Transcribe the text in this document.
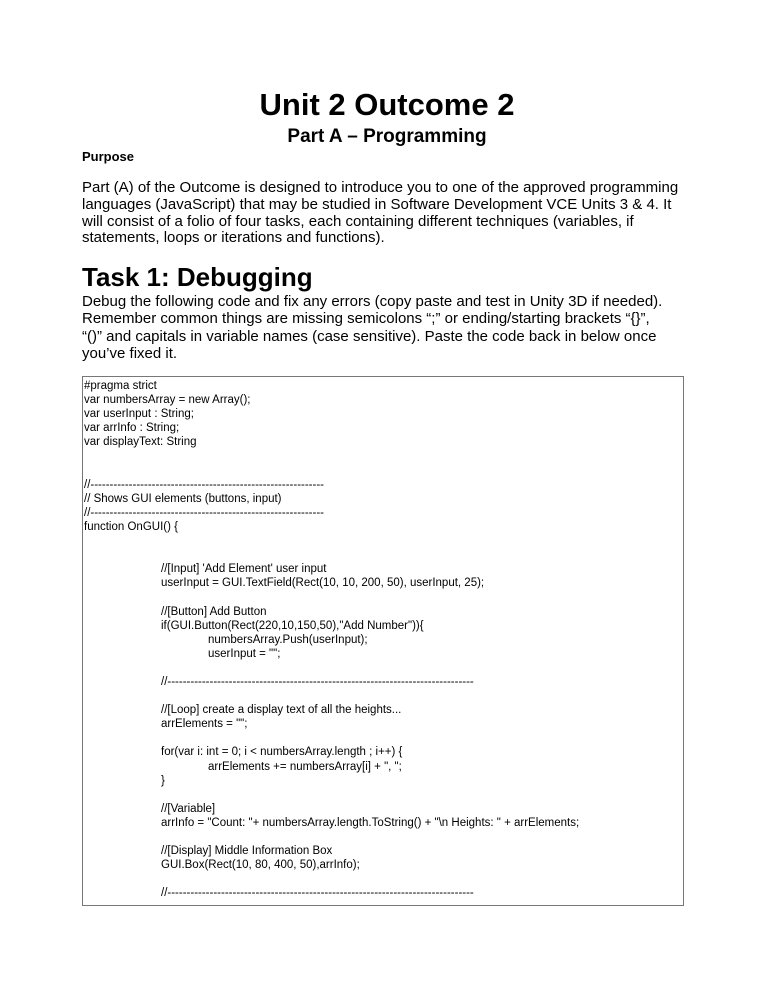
Unit 2 Outcome 2
Part A – Programming
Purpose
Part (A) of the Outcome is designed to introduce you to one of the approved programming
languages (JavaScript) that may be studied in Software Development VCE Units 3 & 4. It
will consist of a folio of four tasks, each containing different techniques (variables, if
statements, loops or iterations and functions).
Task 1: Debugging
Debug the following code and fix any errors (copy paste and test in Unity 3D if needed).
Remember common things are missing semicolons “;” or ending/starting brackets “{}”,
“()” and capitals in variable names (case sensitive). Paste the code back in below once
you’ve fixed it.
#pragma strict
var numbersArray = new Array();
var userInput : String;
var arrInfo : String;
var displayText: String
//-------------------------------------------------------------
// Shows GUI elements (buttons, input)
//-------------------------------------------------------------
function OnGUI() {
//[Input] 'Add Element' user input
userInput = GUI.TextField(Rect(10, 10, 200, 50), userInput, 25);
//[Button] Add Button
if(GUI.Button(Rect(220,10,150,50),"Add Number")){
numbersArray.Push(userInput);
userInput = "";
//--------------------------------------------------------------------------------
//[Loop] create a display text of all the heights...
arrElements = "";
for(var i: int = 0; i < numbersArray.length ; i++) {
arrElements += numbersArray[i] + ", ";
}
//[Variable]
arrInfo = "Count: "+ numbersArray.length.ToString() + "\n Heights: " + arrElements;
//[Display] Middle Information Box
GUI.Box(Rect(10, 80, 400, 50),arrInfo);
//--------------------------------------------------------------------------------
